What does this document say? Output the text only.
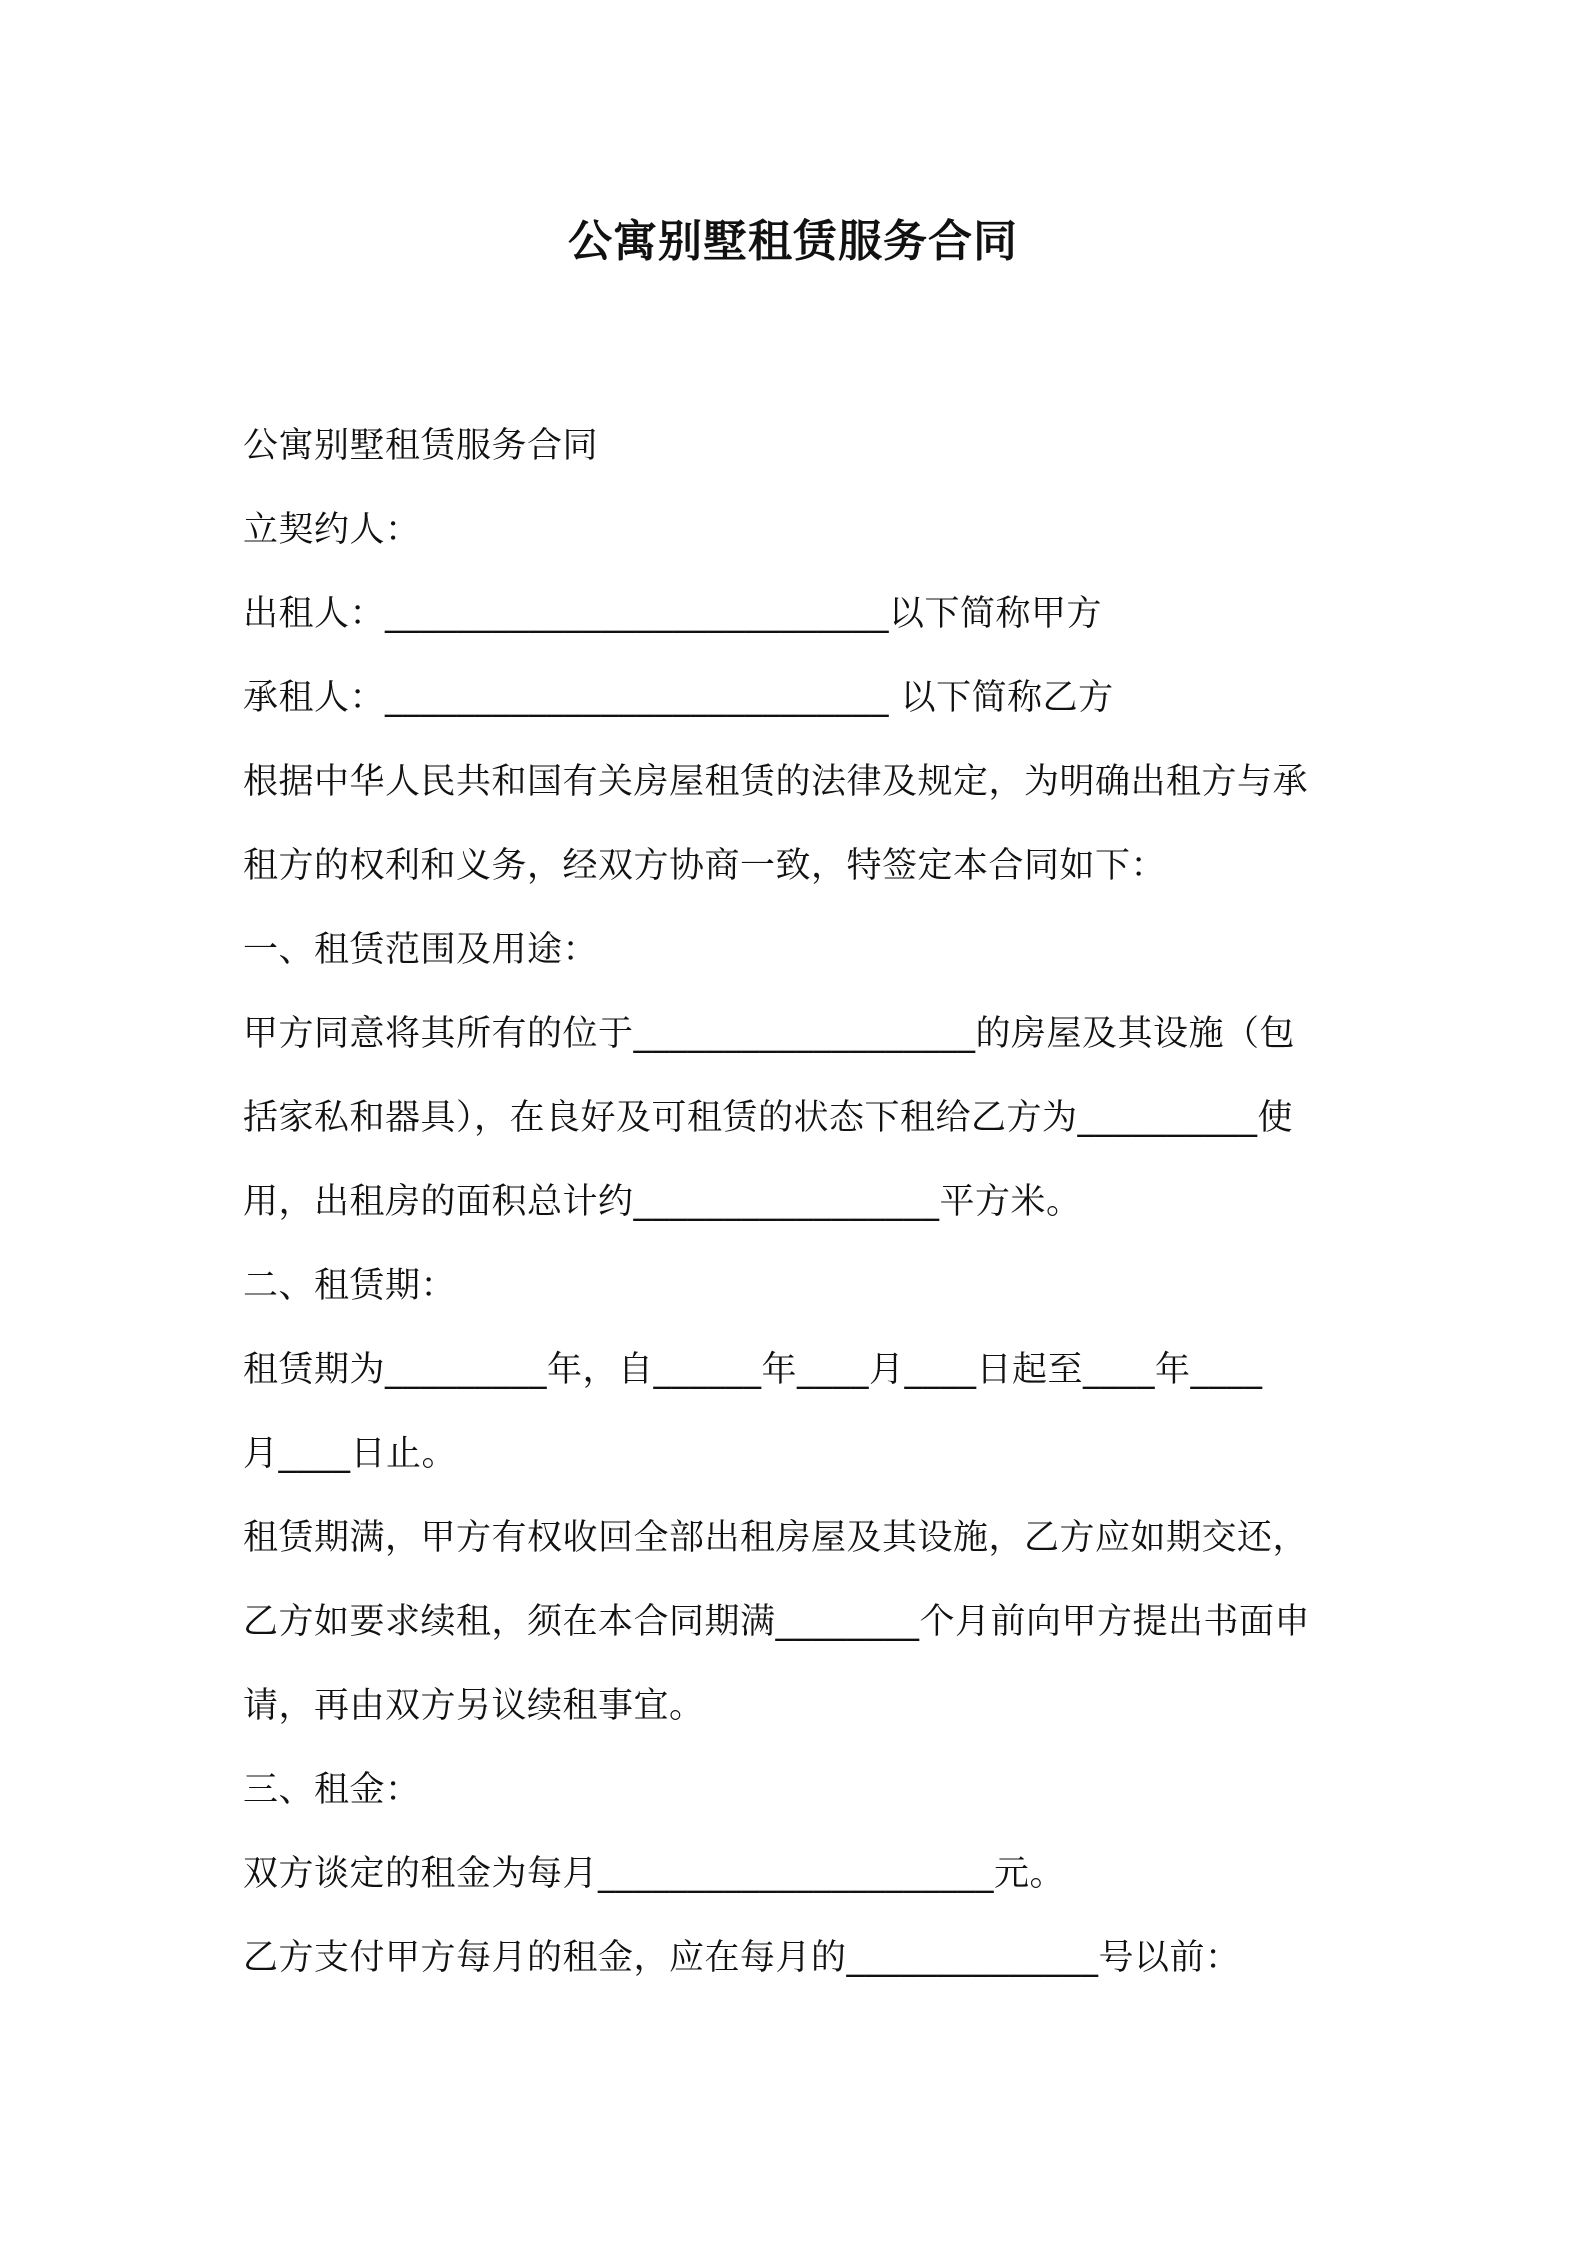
公寓别墅租赁服务合同
公寓别墅租赁服务合同
立契约人：
出租人：____________________________以下简称甲方
承租人：____________________________ 以下简称乙方
根据中华人民共和国有关房屋租赁的法律及规定，为明确出租方与承
租方的权利和义务，经双方协商一致，特签定本合同如下：
一、租赁范围及用途：
甲方同意将其所有的位于___________________的房屋及其设施（包
括家私和器具），在良好及可租赁的状态下租给乙方为__________使
用，出租房的面积总计约_________________平方米。
二、租赁期：
租赁期为_________年，自______年____月____日起至____年____
月____日止。
租赁期满，甲方有权收回全部出租房屋及其设施，乙方应如期交还，
乙方如要求续租，须在本合同期满________个月前向甲方提出书面申
请，再由双方另议续租事宜。
三、租金：
双方谈定的租金为每月______________________元。
乙方支付甲方每月的租金，应在每月的______________号以前：
